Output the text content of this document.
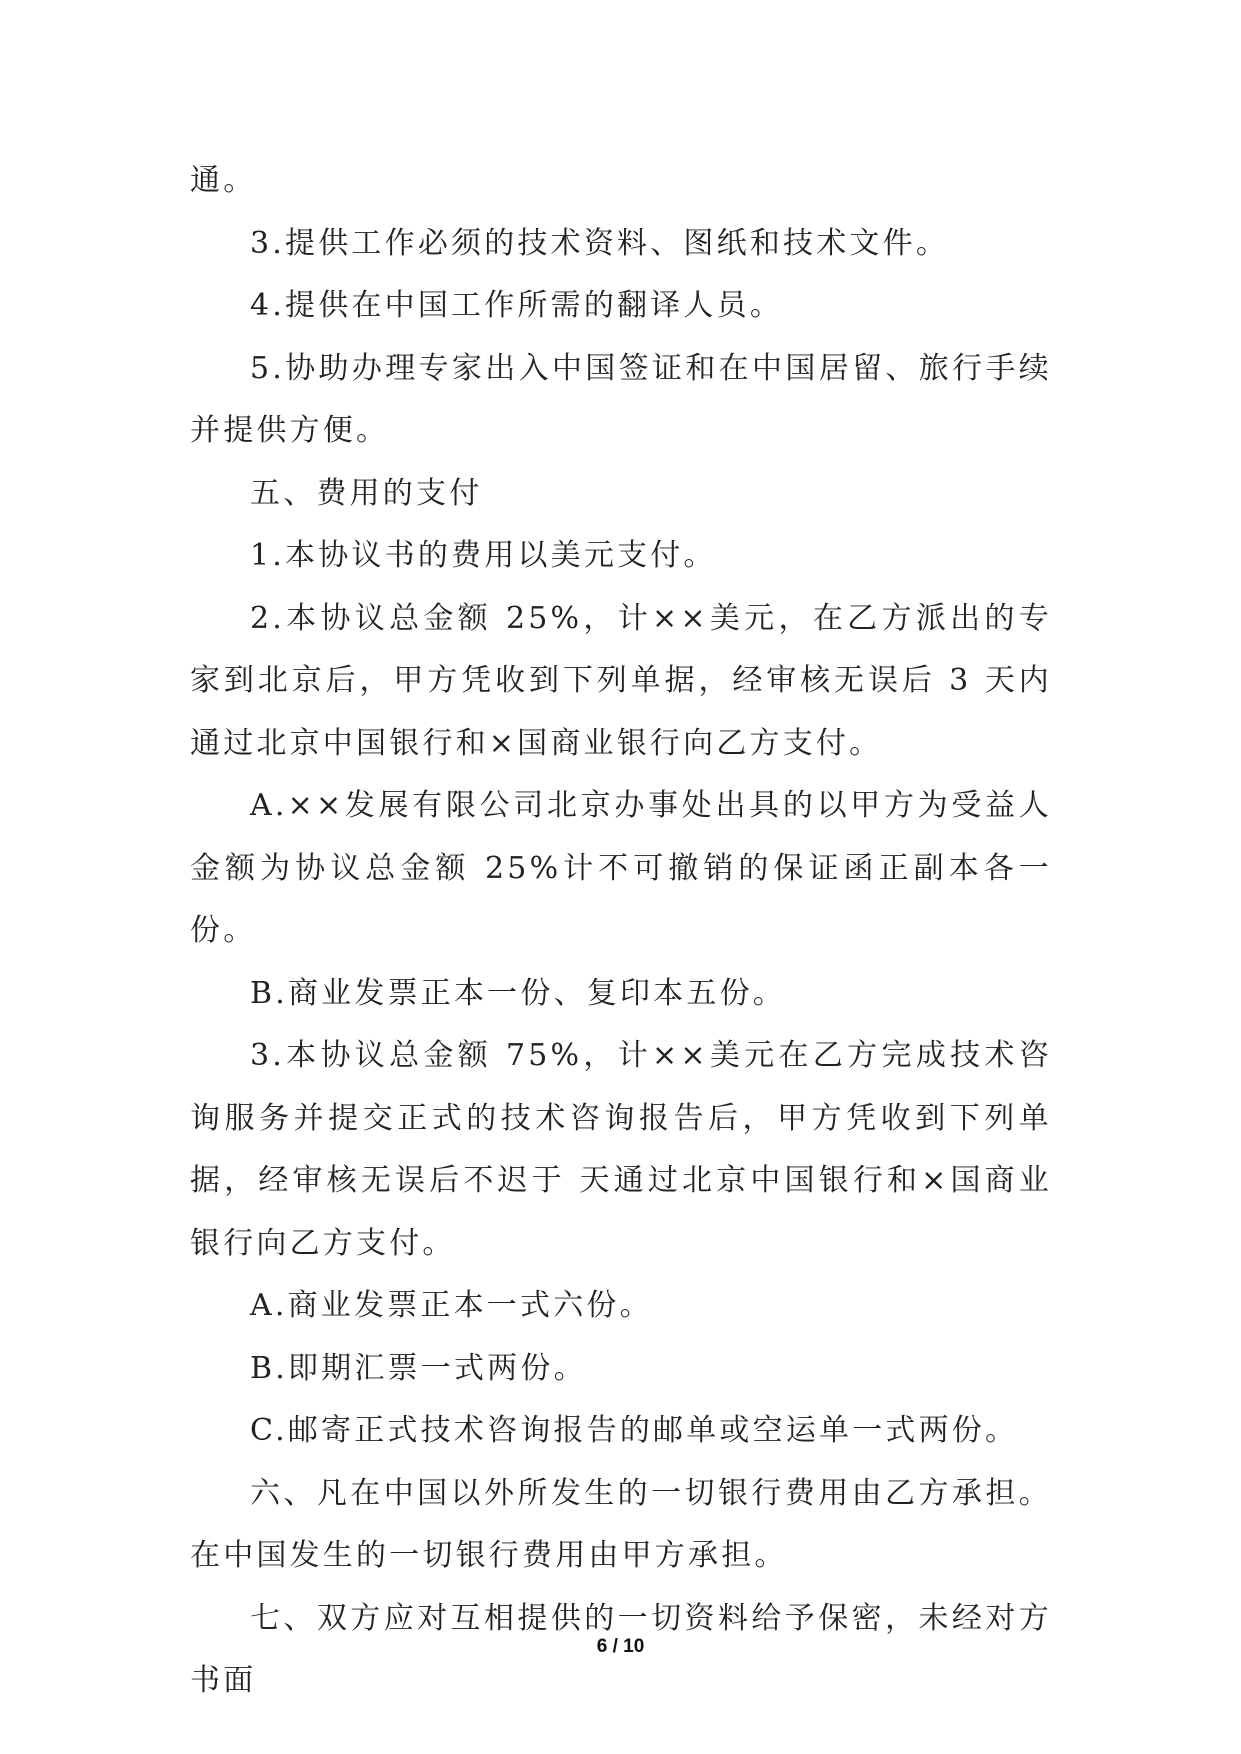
通。

3.提供工作必须的技术资料、图纸和技术文件。

4.提供在中国工作所需的翻译人员。

5.协助办理专家出入中国签证和在中国居留、旅行手续并提供方便。

五、费用的支付

1.本协议书的费用以美元支付。

2.本协议总金额 25%，计××美元，在乙方派出的专家到北京后，甲方凭收到下列单据，经审核无误后 3 天内通过北京中国银行和×国商业银行向乙方支付。

A.××发展有限公司北京办事处出具的以甲方为受益人金额为协议总金额 25%计不可撤销的保证函正副本各一份。

B.商业发票正本一份、复印本五份。

3.本协议总金额 75%，计××美元在乙方完成技术咨询服务并提交正式的技术咨询报告后，甲方凭收到下列单据，经审核无误后不迟于 天通过北京中国银行和×国商业银行向乙方支付。

A.商业发票正本一式六份。

B.即期汇票一式两份。

C.邮寄正式技术咨询报告的邮单或空运单一式两份。

六、凡在中国以外所发生的一切银行费用由乙方承担。在中国发生的一切银行费用由甲方承担。

七、双方应对互相提供的一切资料给予保密，未经对方书面

6 / 10
